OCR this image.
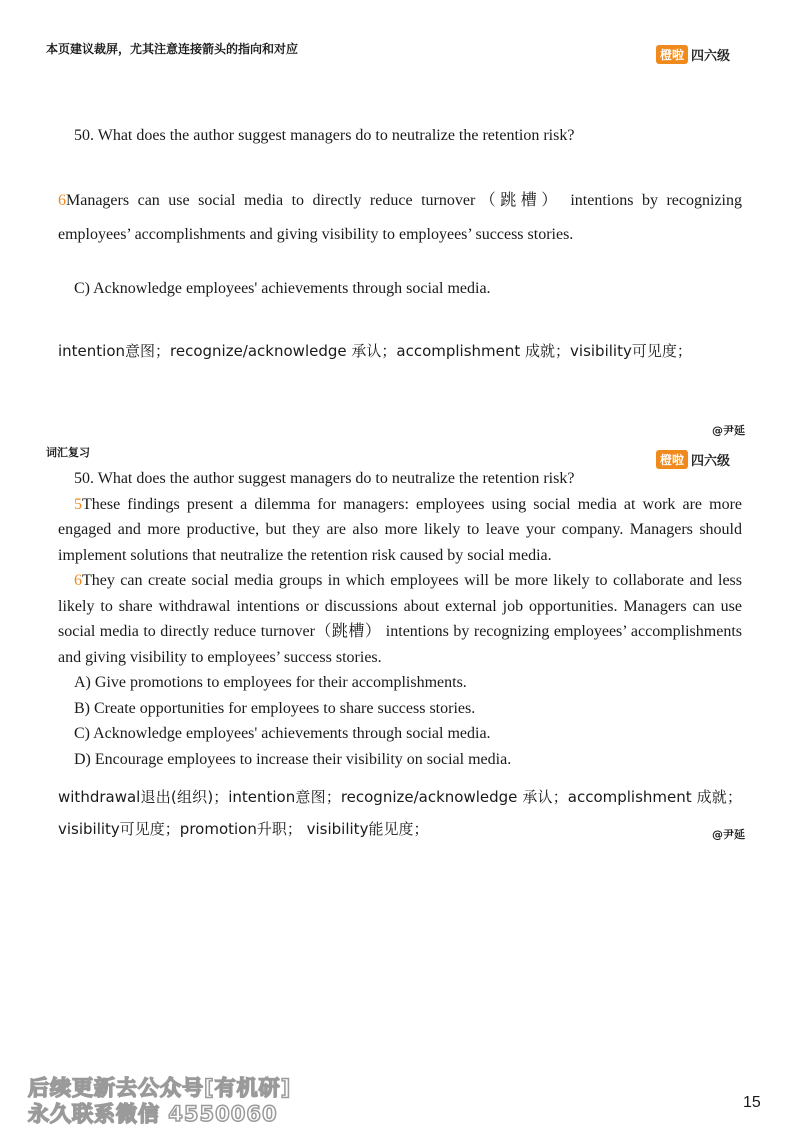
本页建议裁屏，尤其注意连接箭头的指向和对应	橙啦 四六级
50. What does the author suggest managers do to neutralize the retention risk?
6Managers can use social media to directly reduce turnover（跳槽） intentions by recognizing employees’ accomplishments and giving visibility to employees’ success stories.
C) Acknowledge employees' achievements through social media.
intention意图；recognize/acknowledge 承认；accomplishment 成就；visibility可见度；
@尹延
词汇复习	橙啦 四六级
50. What does the author suggest managers do to neutralize the retention risk?
5These findings present a dilemma for managers: employees using social media at work are more engaged and more productive, but they are also more likely to leave your company. Managers should implement solutions that neutralize the retention risk caused by social media.
6They can create social media groups in which employees will be more likely to collaborate and less likely to share withdrawal intentions or discussions about external job opportunities. Managers can use social media to directly reduce turnover（跳槽） intentions by recognizing employees’ accomplishments and giving visibility to employees’ success stories.
A) Give promotions to employees for their accomplishments.
B) Create opportunities for employees to share success stories.
C) Acknowledge employees' achievements through social media.
D) Encourage employees to increase their visibility on social media.
withdrawal退出(组织)；intention意图；recognize/acknowledge 承认；accomplishment 成就；visibility可见度；promotion升职； visibility能见度；	@尹延
后续更新去公众号[有机研]
永久联系微信 4550060	15
